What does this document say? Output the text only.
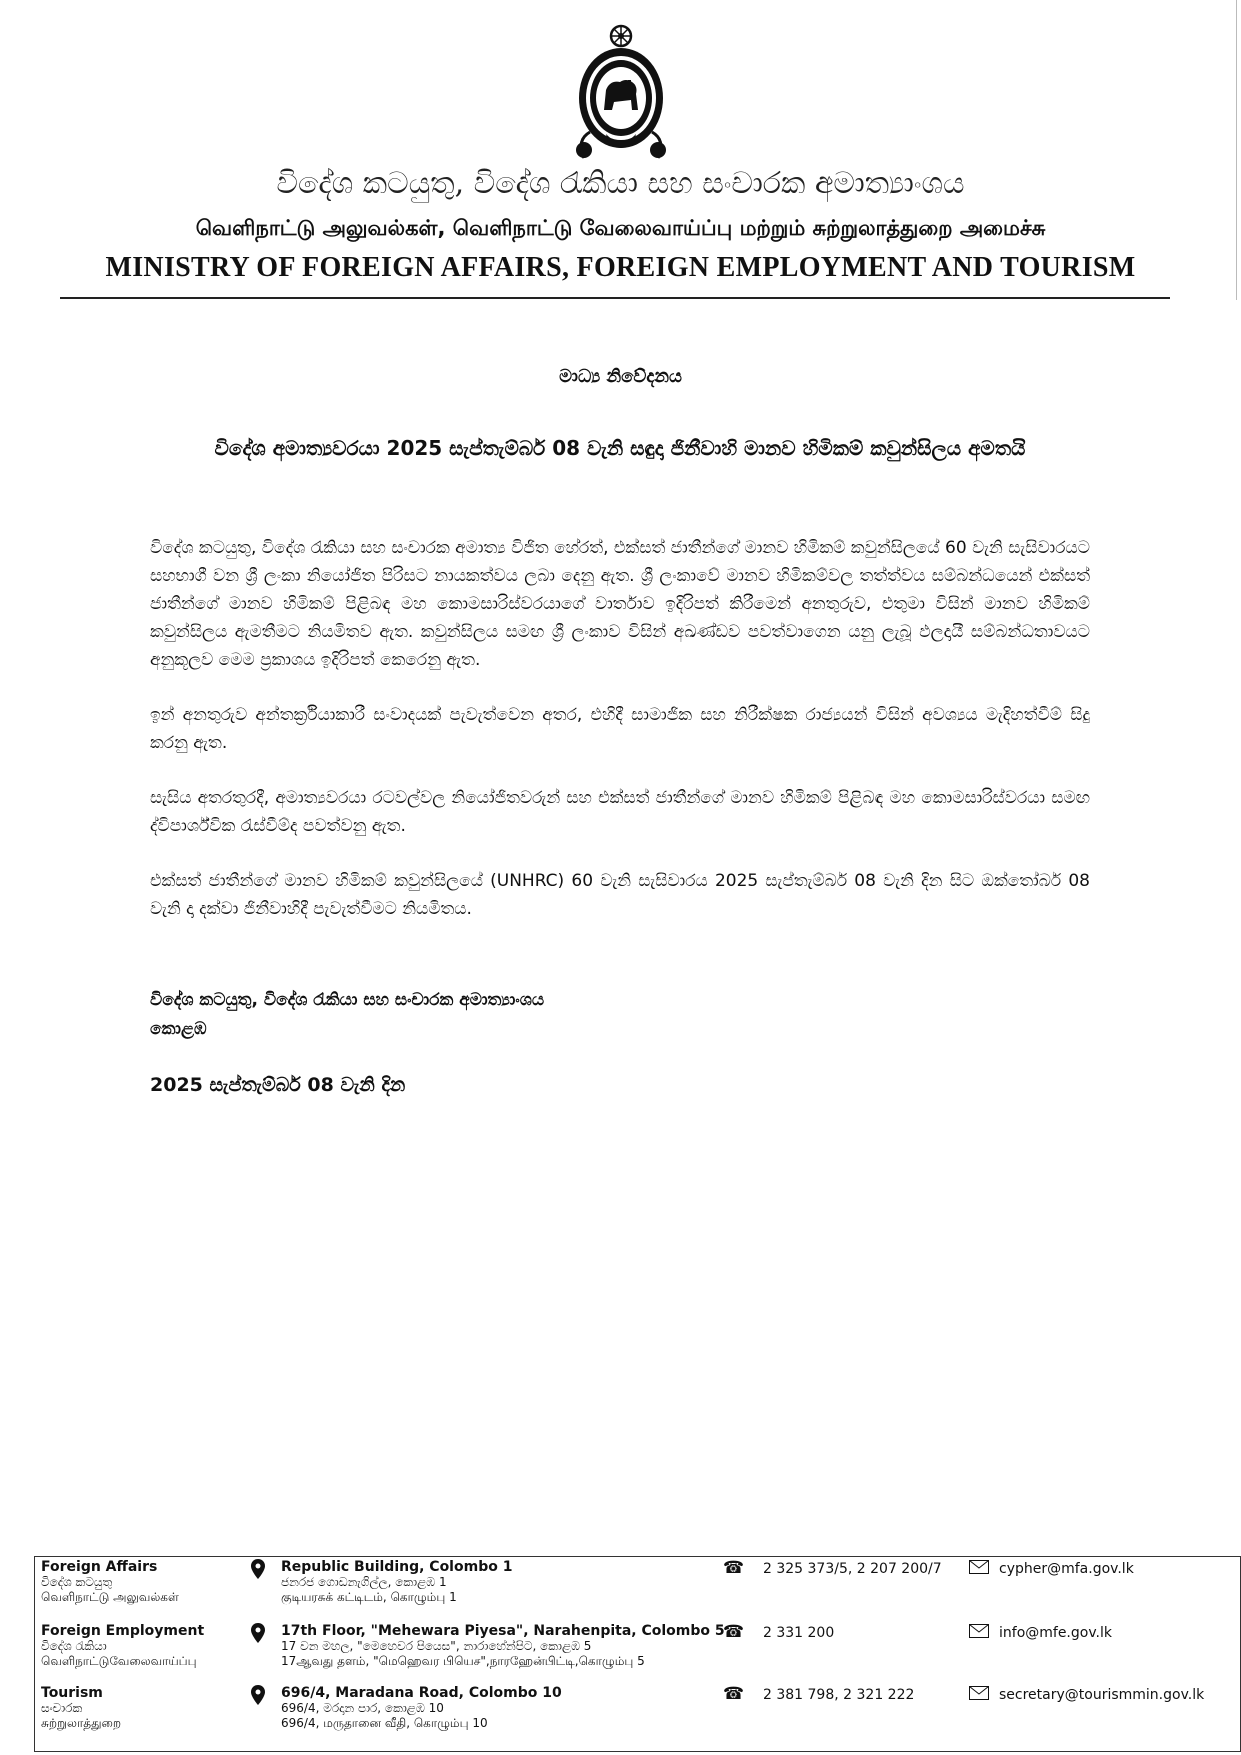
විදේශ කටයුතු, විදේශ රැකියා සහ සංචාරක අමාත්‍යාංශය
வெளிநாட்டு அலுவல்கள், வெளிநாட்டு வேலைவாய்ப்பு மற்றும் சுற்றுலாத்துறை அமைச்சு
MINISTRY OF FOREIGN AFFAIRS, FOREIGN EMPLOYMENT AND TOURISM
මාධ්‍ය නිවේදනය
විදේශ අමාත්‍යවරයා 2025 සැප්තැම්බර් 08 වැනි සඳුදා ජිනීවාහි මානව හිමිකම් කවුන්සිලය අමතයි

විදේශ කටයුතු, විදේශ රැකියා සහ සංචාරක අමාත්‍ය විජිත හේරත්, එක්සත් ජාතීන්ගේ මානව හිමිකම් කවුන්සිලයේ 60 වැනි සැසිවාරයට සහභාගී වන ශ්‍රී ලංකා නියෝජිත පිරිසට නායකත්වය ලබා දෙනු ඇත. ශ්‍රී ලංකාවේ මානව හිමිකම්වල තත්ත්වය සම්බන්ධයෙන් එක්සත් ජාතීන්ගේ මානව හිමිකම් පිළිබඳ මහ කොමසාරිස්වරයාගේ වාර්තාව ඉදිරිපත් කිරීමෙන් අනතුරුව, එතුමා විසින් මානව හිමිකම් කවුන්සිලය ඇමතීමට නියමිතව ඇත. කවුන්සිලය සමඟ ශ්‍රී ලංකාව විසින් අඛණ්ඩව පවත්වාගෙන යනු ලැබූ ඵලදායී සම්බන්ධතාවයට අනුකූලව මෙම ප්‍රකාශය ඉදිරිපත් කෙරෙනු ඇත.

ඉන් අනතුරුව අන්තර්ක්‍රියාකාරී සංවාදයක් පැවැත්වෙන අතර, එහිදී සාමාජික සහ නිරීක්ෂක රාජ්‍යයන් විසින් අවශ්‍යය මැදිහත්වීම් සිදු කරනු ඇත.

සැසිය අතරතුරදී, අමාත්‍යවරයා රටවල්වල නියෝජිතවරුන් සහ එක්සත් ජාතීන්ගේ මානව හිමිකම් පිළිබඳ මහ කොමසාරිස්වරයා සමඟ ද්විපාර්ශ්වික රැස්වීම්ද පවත්වනු ඇත.

එක්සත් ජාතීන්ගේ මානව හිමිකම් කවුන්සිලයේ (UNHRC) 60 වැනි සැසිවාරය 2025 සැප්තැම්බර් 08 වැනි දින සිට ඔක්තෝබර් 08 වැනි දා දක්වා ජිනීවාහිදී පැවැත්වීමට නියමිතය.

විදේශ කටයුතු, විදේශ රැකියා සහ සංචාරක අමාත්‍යාංශය
කොළඹ
2025 සැප්තැම්බර් 08 වැනි දින
Foreign Affairs
විදේශ කටයුතු
வெளிநாட்டு அலுவல்கள்
Republic Building, Colombo 1
ජනරජ ගොඩනැගිල්ල, කොළඹ 1
குடியரசுக் கட்டிடம், கொழும்பு 1
☎ 2 325 373/5, 2 207 200/7	cypher@mfa.gov.lk
Foreign Employment
විදේශ රැකියා
வெளிநாட்டுவேலைவாய்ப்பு
17th Floor, "Mehewara Piyesa", Narahenpita, Colombo 5
17 වන මහල, "මෙහෙවර පියෙස", නාරාහේන්පිට, කොළඹ 5
17ஆவது தளம், "மெஹெவர பியெச",நாரஹேன்பிட்டி,கொழும்பு 5
☎ 2 331 200	info@mfe.gov.lk
Tourism
සංචාරක
சுற்றுலாத்துறை
696/4, Maradana Road, Colombo 10
696/4, මරදාන පාර, කොළඹ 10
696/4, மருதானை வீதி, கொழும்பு 10
☎ 2 381 798, 2 321 222	secretary@tourismmin.gov.lk
